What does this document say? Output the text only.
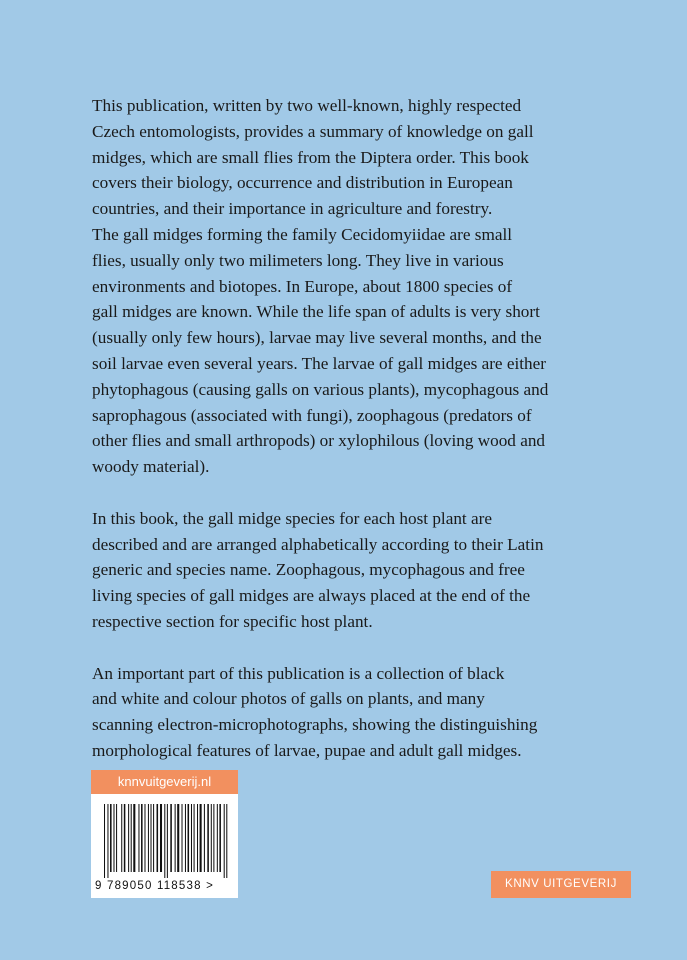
This publication, written by two well-known, highly respected
Czech entomologists, provides a summary of knowledge on gall
midges, which are small flies from the Diptera order. This book
covers their biology, occurrence and distribution in European
countries, and their importance in agriculture and forestry.
The gall midges forming the family Cecidomyiidae are small
flies, usually only two milimeters long. They live in various
environments and biotopes. In Europe, about 1800 species of
gall midges are known. While the life span of adults is very short
(usually only few hours), larvae may live several months, and the
soil larvae even several years. The larvae of gall midges are either
phytophagous (causing galls on various plants), mycophagous and
saprophagous (associated with fungi), zoophagous (predators of
other flies and small arthropods) or xylophilous (loving wood and
woody material).

In this book, the gall midge species for each host plant are
described and are arranged alphabetically according to their Latin
generic and species name. Zoophagous, mycophagous and free
living species of gall midges are always placed at the end of the
respective section for specific host plant.

An important part of this publication is a collection of black
and white and colour photos of galls on plants, and many
scanning electron-microphotographs, showing the distinguishing
morphological features of larvae, pupae and adult gall midges.

knnvuitgeverij.nl
9 789050 118538 >	KNNV UITGEVERIJ
